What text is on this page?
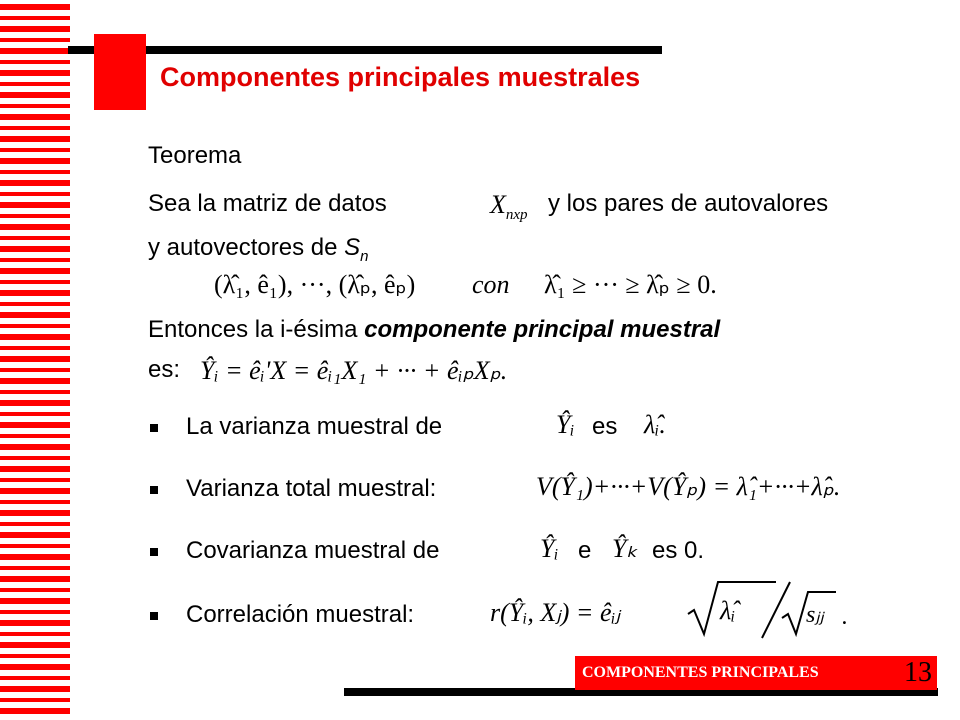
Componentes principales muestrales
Teorema
Sea la matriz de datos	$X_{nxp}$ y los pares de autovalores
y autovectores de $S_n$
(λ̂₁, ê₁), ···, (λ̂ₚ, êₚ) con λ̂₁ ≥ ··· ≥ λ̂ₚ ≥ 0.
Entonces la i-ésima componente principal muestral
es: Ŷᵢ = êᵢ'X = êᵢ₁X₁ + ··· + êᵢₚXₚ.
La varianza muestral de	Ŷᵢ es λ̂ᵢ.
Varianza total muestral:	V(Ŷ₁)+···+V(Ŷₚ) = λ̂₁+···+λ̂ₚ.
Covarianza muestral de	Ŷᵢ e Ŷₖ es 0.
Correlación muestral:	r(Ŷᵢ, Xⱼ) = êᵢⱼ	λ̂ᵢ	sⱼⱼ .
COMPONENTES PRINCIPALES	13
